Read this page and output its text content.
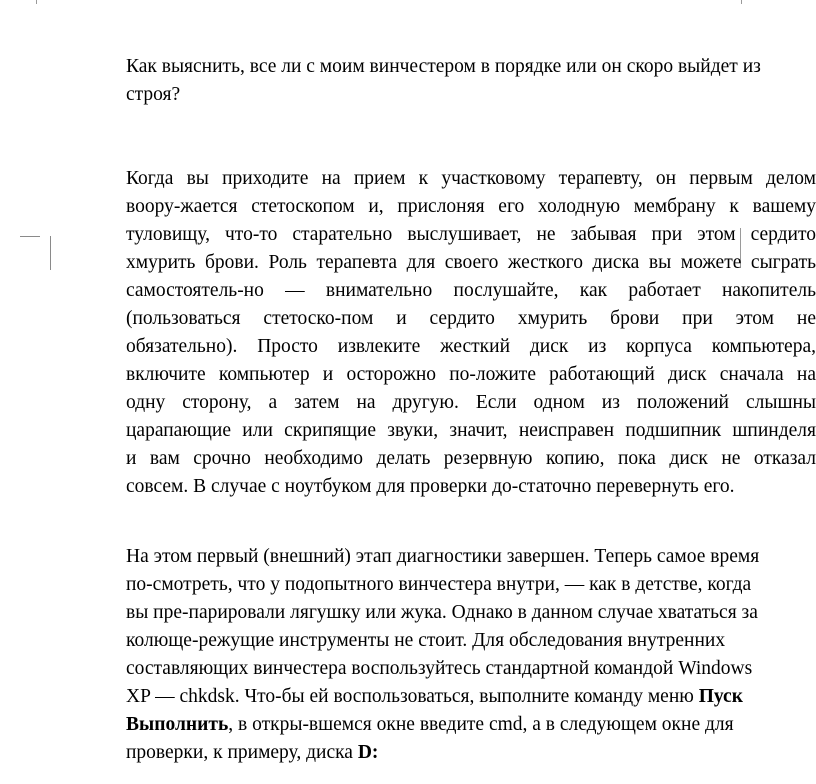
Как выяснить, все ли с моим винчестером в порядке или он скоро выйдет из
строя?

Когда вы приходите на прием к участковому терапевту, он первым делом
воору-жается стетоскопом и, прислоняя его холодную мембрану к вашему
туловищу, что-то старательно выслушивает, не забывая при этом сердито
хмурить брови. Роль терапевта для своего жесткого диска вы можете сыграть
самостоятель-но — внимательно послушайте, как работает накопитель
(пользоваться стетоско-пом и сердито хмурить брови при этом не
обязательно). Просто извлеките жесткий диск из корпуса компьютера,
включите компьютер и осторожно по-ложите работающий диск сначала на
одну сторону, а затем на другую. Если одном из положений слышны
царапающие или скрипящие звуки, значит, неисправен подшипник шпинделя
и вам срочно необходимо делать резервную копию, пока диск не отказал
совсем. В случае с ноутбуком для проверки до-статочно перевернуть его.

На этом первый (внешний) этап диагностики завершен. Теперь самое время
по-смотреть, что у подопытного винчестера внутри, — как в детстве, когда
вы пре-парировали лягушку или жука. Однако в данном случае хвататься за
колюще-режущие инструменты не стоит. Для обследования внутренних
составляющих винчестера воспользуйтесь стандартной командой Windows
XP — chkdsk. Что-бы ей воспользоваться, выполните команду меню Пуск
Выполнить, в откры-вшемся окне введите cmd, а в следующем окне для
проверки, к примеру, диска D:
